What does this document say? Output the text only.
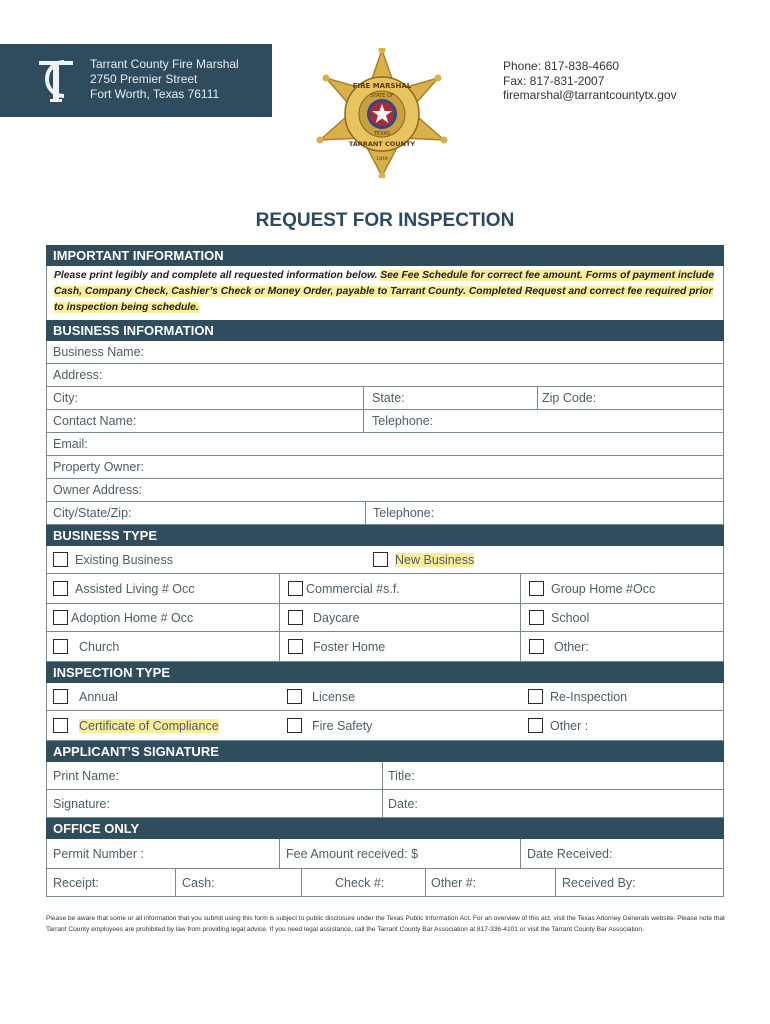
Tarrant County Fire Marshal
2750 Premier Street
Fort Worth, Texas 76111
FIRE MARSHAL
STATE OF
TEXAS
TARRANT COUNTY
1849
Phone: 817-838-4660
Fax: 817-831-2007
firemarshal@tarrantcountytx.gov
REQUEST FOR INSPECTION
IMPORTANT INFORMATION
Please print legibly and complete all requested information below. See Fee Schedule for correct fee amount. Forms of payment include Cash, Company Check, Cashier’s Check or Money Order, payable to Tarrant County. Completed Request and correct fee required prior to inspection being schedule.
BUSINESS INFORMATION
Business Name:
Address:
City:	State:	Zip Code:
Contact Name:	Telephone:
Email:
Property Owner:
Owner Address:
City/State/Zip:	Telephone:
BUSINESS TYPE
Existing Business	New Business
Assisted Living # Occ	Commercial #s.f.	Group Home #Occ
Adoption Home # Occ	Daycare	School
Church	Foster Home	Other:
INSPECTION TYPE
Annual	License	Re-Inspection
Certificate of Compliance	Fire Safety	Other :
APPLICANT’S SIGNATURE
Print Name:	Title:
Signature:	Date:
OFFICE ONLY
Permit Number :	Fee Amount received: $	Date Received:
Receipt:	Cash:	Check #:	Other #:	Received By:
Please be aware that some or all information that you submit using this form is subject to public disclosure under the Texas Public Information Act. For an overview of this act, visit the Texas Attorney Generals website. Please note that Tarrant County employees are prohibited by law from providing legal advice. If you need legal assistance, call the Tarrant County Bar Association at 817-336-4101 or visit the Tarrant County Bar Association.
